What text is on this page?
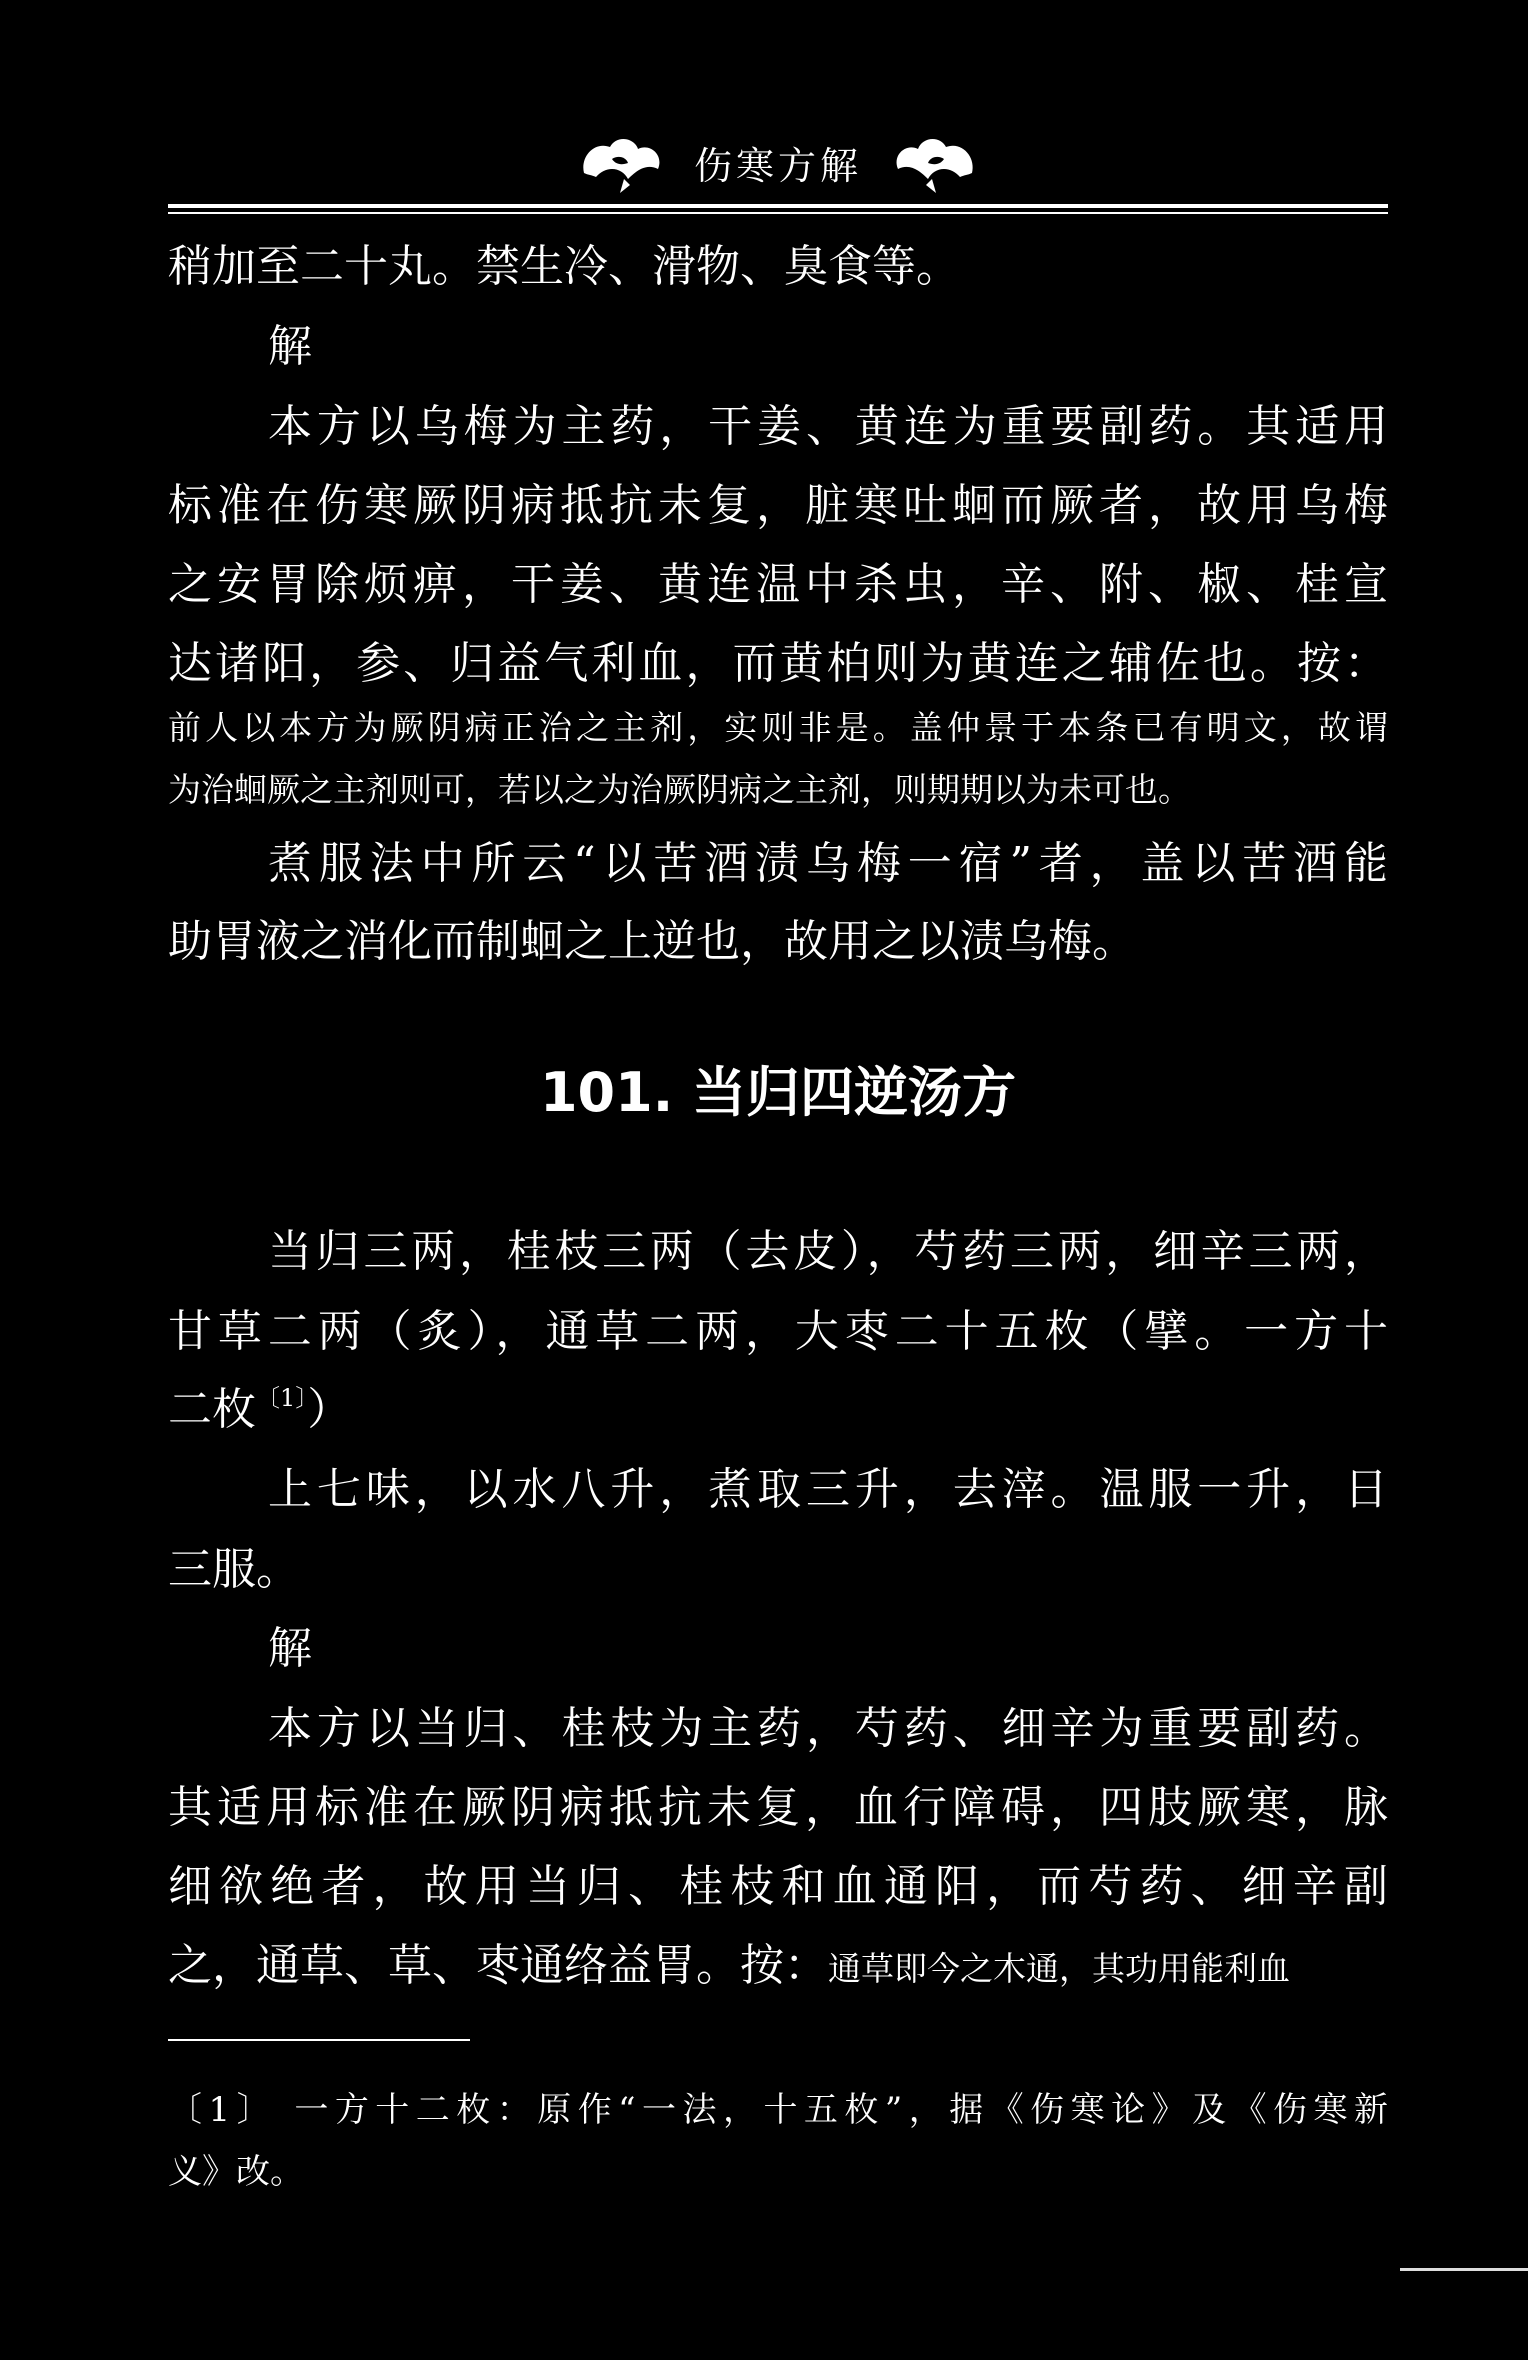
伤寒方解
稍加至二十丸。禁生冷、滑物、臭食等。
解
本方以乌梅为主药，干姜、黄连为重要副药。其适用
标准在伤寒厥阴病抵抗未复，脏寒吐蛔而厥者，故用乌梅
之安胃除烦痹，干姜、黄连温中杀虫，辛、附、椒、桂宣
达诸阳，参、归益气利血，而黄柏则为黄连之辅佐也。按：
前人以本方为厥阴病正治之主剂，实则非是。盖仲景于本条已有明文，故谓
为治蛔厥之主剂则可，若以之为治厥阴病之主剂，则期期以为未可也。
煮服法中所云“以苦酒渍乌梅一宿”者，盖以苦酒能
助胃液之消化而制蛔之上逆也，故用之以渍乌梅。
101. 当归四逆汤方
当归三两，桂枝三两（去皮），芍药三两，细辛三两，
甘草二两（炙），通草二两，大枣二十五枚（擘。一方十
二枚$^{〔1〕}$）
上七味，以水八升，煮取三升，去滓。温服一升，日
三服。
解
本方以当归、桂枝为主药，芍药、细辛为重要副药。
其适用标准在厥阴病抵抗未复，血行障碍，四肢厥寒，脉
细欲绝者，故用当归、桂枝和血通阳，而芍药、细辛副
之，通草、草、枣通络益胃。按：通草即今之木通，其功用能利血
〔1〕 一方十二枚：原作“一法，十五枚”，据《伤寒论》及《伤寒新
义》改。
